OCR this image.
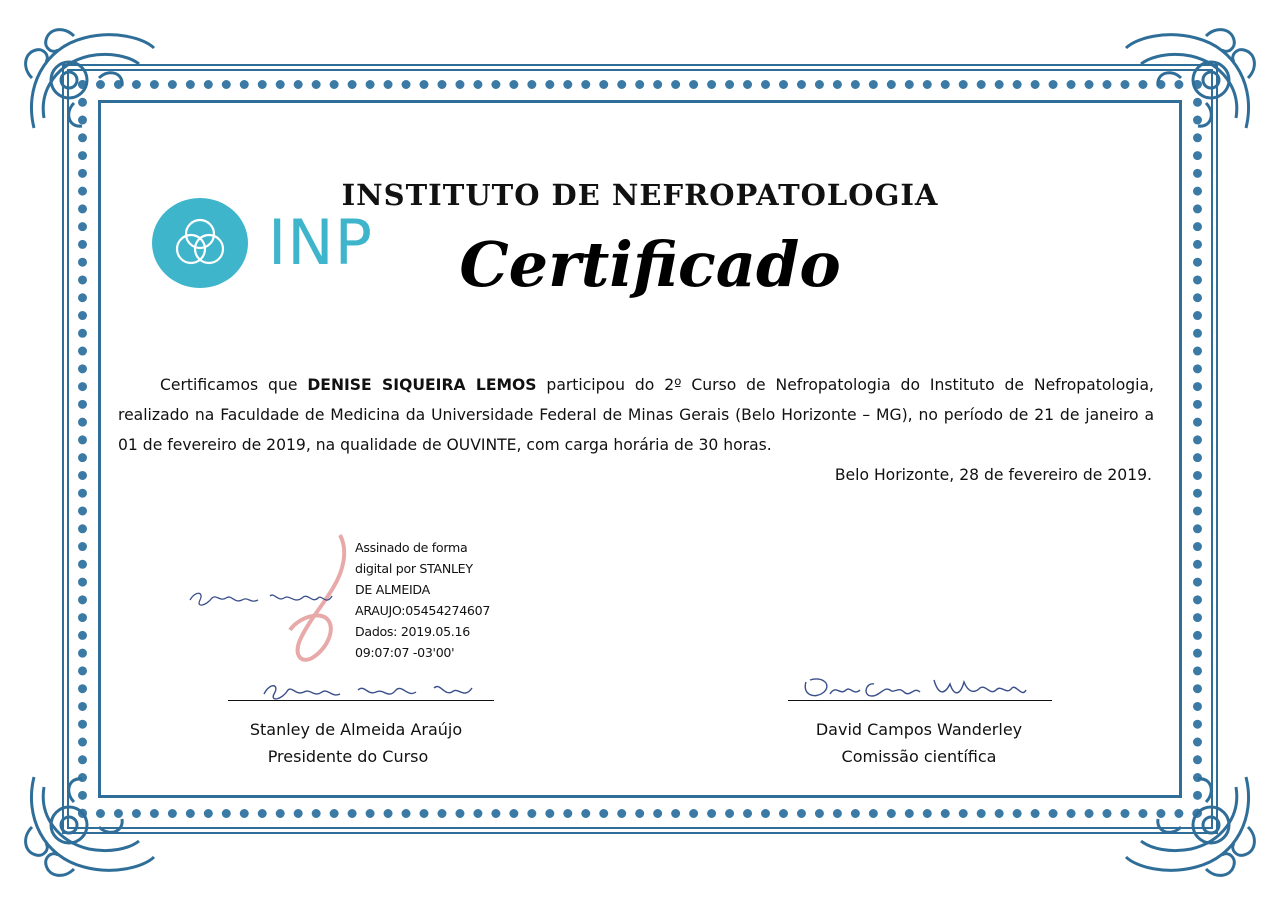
INP
INSTITUTO DE NEFROPATOLOGIA
Certificado
Certificamos que DENISE SIQUEIRA LEMOS participou do 2º Curso de Nefropatologia do Instituto de Nefropatologia, realizado na Faculdade de Medicina da Universidade Federal de Minas Gerais (Belo Horizonte – MG), no período de 21 de janeiro a 01 de fevereiro de 2019, na qualidade de OUVINTE, com carga horária de 30 horas.
Belo Horizonte, 28 de fevereiro de 2019.
Assinado de forma
digital por STANLEY
DE ALMEIDA
ARAUJO:05454274607
Dados: 2019.05.16
09:07:07 -03'00'
Stanley de Almeida Araújo
Presidente do Curso
David Campos Wanderley
Comissão científica
